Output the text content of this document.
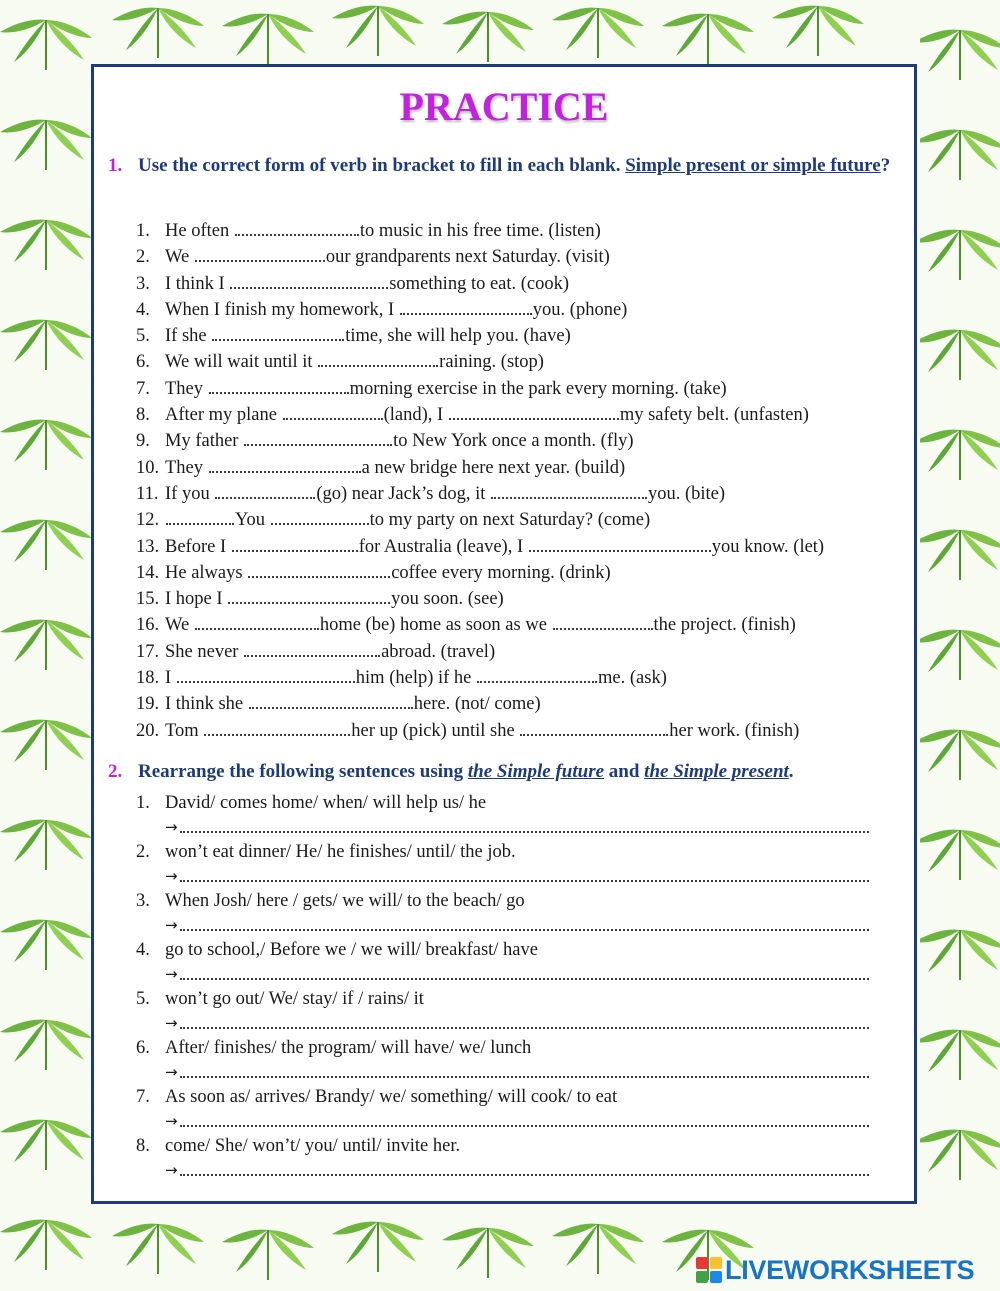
PRACTICE
1. Use the correct form of verb in bracket to fill in each blank. Simple present or simple future?
1. He often	to music in his free time. (listen)
2. We	our grandparents next Saturday. (visit)
3. I think I	something to eat. (cook)
4. When I finish my homework, I	you. (phone)
5. If she	time, she will help you. (have)
6. We will wait until it	raining. (stop)
7. They	morning exercise in the park every morning. (take)
8. After my plane	(land), I	my safety belt. (unfasten)
9. My father	to New York once a month. (fly)
10. They	a new bridge here next year. (build)
11. If you	(go) near Jack’s dog, it	you. (bite)
12.	You	to my party on next Saturday? (come)
13. Before I	for Australia (leave), I	you know. (let)
14. He always	coffee every morning. (drink)
15. I hope I	you soon. (see)
16. We	home (be) home as soon as we	the project. (finish)
17. She never	abroad. (travel)
18. I	him (help) if he	me. (ask)
19. I think she	here. (not/ come)
20. Tom	her up (pick) until she	her work. (finish)
2. Rearrange the following sentences using the Simple future and the Simple present.
1. David/ comes home/ when/ will help us/ he
→
2. won’t eat dinner/ He/ he finishes/ until/ the job.
→
3. When Josh/ here / gets/ we will/ to the beach/ go
→
4. go to school,/ Before we / we will/ breakfast/ have
→
5. won’t go out/ We/ stay/ if / rains/ it
→
6. After/ finishes/ the program/ will have/ we/ lunch
→
7. As soon as/ arrives/ Brandy/ we/ something/ will cook/ to eat
→
8. come/ She/ won’t/ you/ until/ invite her.
→
LIVEWORKSHEETS
